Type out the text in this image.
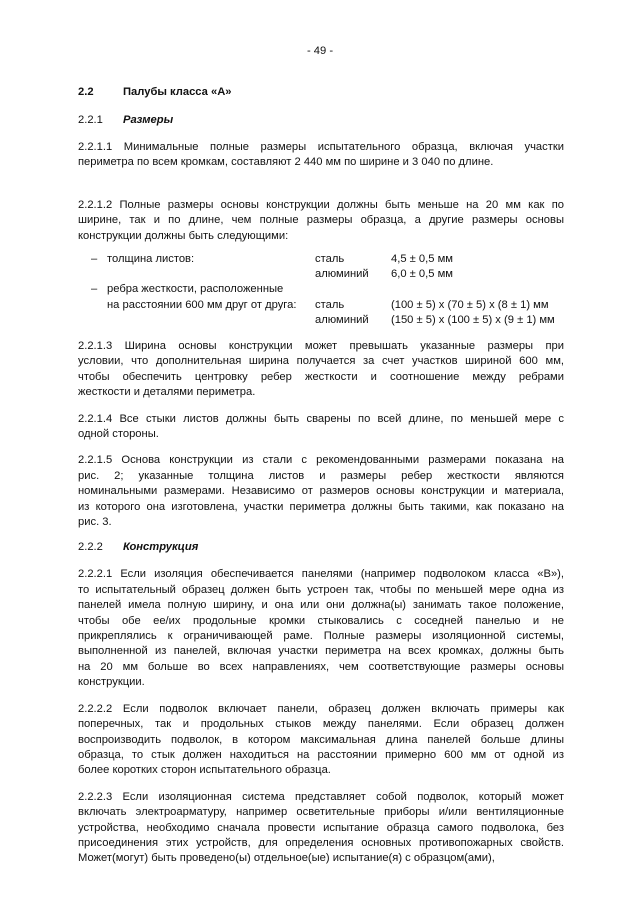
- 49 -
2.2	Палубы класса «А»
2.2.1 Размеры

2.2.1.1 Минимальные полные размеры испытательного образца, включая участки
периметра по всем кромкам, составляют 2 440 мм по ширине и 3 040 по длине.

2.2.1.2 Полные размеры основы конструкции должны быть меньше на 20 мм как по
ширине, так и по длине, чем полные размеры образца, а другие размеры основы
конструкции должны быть следующими:

– толщина листов:	сталь	4,5 ± 0,5 мм
алюминий 6,0 ± 0,5 мм
– ребра жесткости, расположенные
на расстоянии 600 мм друг от друга: сталь	(100 ± 5) x (70 ± 5) x (8 ± 1) мм
алюминий (150 ± 5) x (100 ± 5) x (9 ± 1) мм

2.2.1.3 Ширина основы конструкции может превышать указанные размеры при
условии, что дополнительная ширина получается за счет участков шириной 600 мм,
чтобы обеспечить центровку ребер жесткости и соотношение между ребрами
жесткости и деталями периметра.

2.2.1.4 Все стыки листов должны быть сварены по всей длине, по меньшей мере с
одной стороны.

2.2.1.5 Основа конструкции из стали с рекомендованными размерами показана на
рис. 2; указанные толщина листов и размеры ребер жесткости являются
номинальными размерами. Независимо от размеров основы конструкции и материала,
из которого она изготовлена, участки периметра должны быть такими, как показано на
рис. 3.

2.2.2 Конструкция

2.2.2.1 Если изоляция обеспечивается панелями (например подволоком класса «В»),
то испытательный образец должен быть устроен так, чтобы по меньшей мере одна из
панелей имела полную ширину, и она или они должна(ы) занимать такое положение,
чтобы обе ее/их продольные кромки стыковались с соседней панелью и не
прикреплялись к ограничивающей раме. Полные размеры изоляционной системы,
выполненной из панелей, включая участки периметра на всех кромках, должны быть
на 20 мм больше во всех направлениях, чем соответствующие размеры основы
конструкции.

2.2.2.2 Если подволок включает панели, образец должен включать примеры как
поперечных, так и продольных стыков между панелями. Если образец должен
воспроизводить подволок, в котором максимальная длина панелей больше длины
образца, то стык должен находиться на расстоянии примерно 600 мм от одной из
более коротких сторон испытательного образца.

2.2.2.3 Если изоляционная система представляет собой подволок, который может
включать электроарматуру, например осветительные приборы и/или вентиляционные
устройства, необходимо сначала провести испытание образца самого подволока, без
присоединения этих устройств, для определения основных противопожарных свойств.
Может(могут) быть проведено(ы) отдельное(ые) испытание(я) с образцом(ами),
